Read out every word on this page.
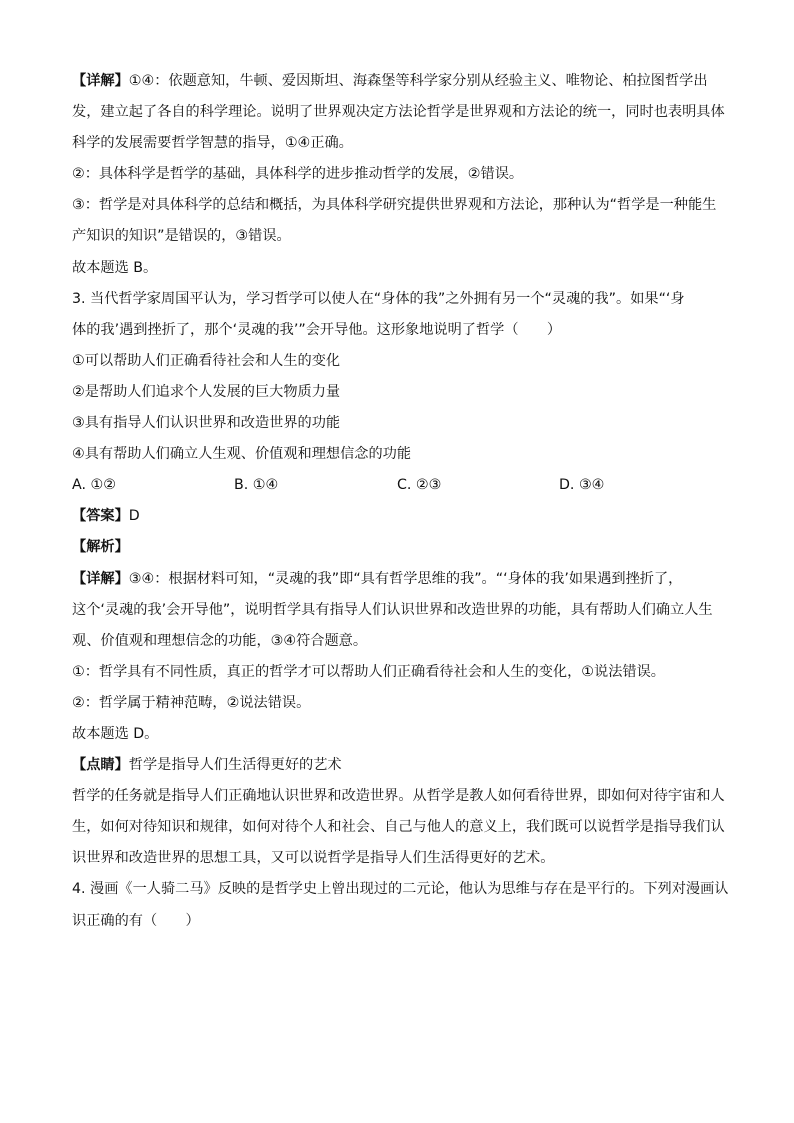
【详解】①④：依题意知，牛顿、爱因斯坦、海森堡等科学家分别从经验主义、唯物论、柏拉图哲学出
发，建立起了各自的科学理论。说明了世界观决定方法论哲学是世界观和方法论的统一，同时也表明具体
科学的发展需要哲学智慧的指导，①④正确。
②：具体科学是哲学的基础，具体科学的进步推动哲学的发展，②错误。
③：哲学是对具体科学的总结和概括，为具体科学研究提供世界观和方法论，那种认为“哲学是一种能生
产知识的知识”是错误的，③错误。
故本题选 B。
3. 当代哲学家周国平认为，学习哲学可以使人在“身体的我”之外拥有另一个“灵魂的我”。如果“‘身
体的我’遇到挫折了，那个‘灵魂的我’”会开导他。这形象地说明了哲学（　　）
①可以帮助人们正确看待社会和人生的变化
②是帮助人们追求个人发展的巨大物质力量
③具有指导人们认识世界和改造世界的功能
④具有帮助人们确立人生观、价值观和理想信念的功能
A. ①②	B. ①④	C. ②③	D. ③④
【答案】D
【解析】
【详解】③④：根据材料可知，“灵魂的我”即“具有哲学思维的我”。“‘身体的我’如果遇到挫折了，
这个‘灵魂的我’会开导他”，说明哲学具有指导人们认识世界和改造世界的功能，具有帮助人们确立人生
观、价值观和理想信念的功能，③④符合题意。
①：哲学具有不同性质，真正的哲学才可以帮助人们正确看待社会和人生的变化，①说法错误。
②：哲学属于精神范畴，②说法错误。
故本题选 D。
【点睛】哲学是指导人们生活得更好的艺术
哲学的任务就是指导人们正确地认识世界和改造世界。从哲学是教人如何看待世界，即如何对待宇宙和人
生，如何对待知识和规律，如何对待个人和社会、自己与他人的意义上，我们既可以说哲学是指导我们认
识世界和改造世界的思想工具，又可以说哲学是指导人们生活得更好的艺术。
4. 漫画《一人骑二马》反映的是哲学史上曾出现过的二元论，他认为思维与存在是平行的。下列对漫画认
识正确的有（　　）
